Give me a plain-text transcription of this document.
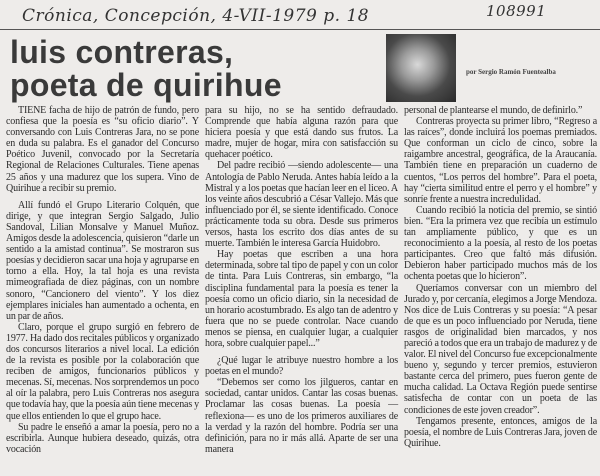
Crónica, Concepción, 4-VII-1979 p. 18	108991
luis contreras,
poeta de quirihue	por Sergio Ramón Fuentealba

TIENE facha de hijo de patrón de fundo, pero confiesa que la poesía es “su oficio diario”. Y conversando con Luis Contreras Jara, no se pone en duda su palabra. Es el ganador del Concurso Poético Juvenil, convocado por la Secretaría Regional de Relaciones Culturales. Tiene apenas 25 años y una madurez que los supera. Vino de Quirihue a recibir su premio.

Allí fundó el Grupo Literario Colquén, que dirige, y que integran Sergio Salgado, Julio Sandoval, Lilian Monsalve y Manuel Muñoz. Amigos desde la adolescencia, quisieron “darle un sentido a la amistad continua”. Se mostraron sus poesías y decidieron sacar una hoja y agruparse en torno a ella. Hoy, la tal hoja es una revista mimeografiada de diez páginas, con un nombre sonoro, “Cancionero del viento”. Y los diez ejemplares iniciales han aumentado a ochenta, en un par de años.

Claro, porque el grupo surgió en febrero de 1977. Ha dado dos recitales públicos y organizado dos concursos literarios a nivel local. La edición de la revista es posible por la colaboración que reciben de amigos, funcionarios públicos y mecenas. Sí, mecenas. Nos sorprendemos un poco al oír la palabra, pero Luis Contreras nos asegura que todavía hay, que la poesía aún tiene mecenas y que ellos entienden lo que el grupo hace.

Su padre le enseñó a amar la poesía, pero no a escribirla. Aunque hubiera deseado, quizás, otra vocación

para su hijo, no se ha sentido defraudado. Comprende que había alguna razón para que hiciera poesía y que está dando sus frutos. La madre, mujer de hogar, mira con satisfacción su quehacer poético.

Del padre recibió —siendo adolescente— una Antología de Pablo Neruda. Antes había leído a la Mistral y a los poetas que hacían leer en el liceo. A los veinte años descubrió a César Vallejo. Más que influenciado por él, se siente identificado. Conoce prácticamente toda su obra. Desde sus primeros versos, hasta los escrito dos días antes de su muerte. También le interesa García Huidobro.

Hay poetas que escriben a una hora determinada, sobre tal tipo de papel y con un color de tinta. Para Luis Contreras, sin embargo, “la disciplina fundamental para la poesía es tener la poesía como un oficio diario, sin la necesidad de un horario acostumbrado. Es algo tan de adentro y fuera que no se puede controlar. Nace cuando menos se piensa, en cualquier lugar, a cualquier hora, sobre cualquier papel...”

¿Qué lugar le atribuye nuestro hombre a los poetas en el mundo?

“Debemos ser como los jilgueros, cantar en sociedad, cantar unidos. Cantar las cosas buenas. Proclamar las cosas buenas. La poesía —reflexiona— es uno de los primeros auxiliares de la verdad y la razón del hombre. Podría ser una definición, para no ir más allá. Aparte de ser una manera

personal de plantearse el mundo, de definirlo.”

Contreras proyecta su primer libro, “Regreso a las raíces”, donde incluirá los poemas premiados. Que conforman un ciclo de cinco, sobre la raigambre ancestral, geográfica, de la Araucanía. También tiene en preparación un cuaderno de cuentos, “Los perros del hombre”. Para el poeta, hay “cierta similitud entre el perro y el hombre” y sonríe frente a nuestra incredulidad.

Cuando recibió la noticia del premio, se sintió bien. “Era la primera vez que recibía un estímulo tan ampliamente público, y que es un reconocimiento a la poesía, al resto de los poetas participantes. Creo que faltó más difusión. Debieron haber participado muchos más de los ochenta poetas que lo hicieron”.

Queríamos conversar con un miembro del Jurado y, por cercanía, elegimos a Jorge Mendoza. Nos dice de Luis Contreras y su poesía: “A pesar de que es un poco influenciado por Neruda, tiene rasgos de originalidad bien marcados, y nos pareció a todos que era un trabajo de madurez y de valor. El nivel del Concurso fue excepcionalmente bueno y, segundo y tercer premios, estuvieron bastante cerca del primero, pues fueron gente de mucha calidad. La Octava Región puede sentirse satisfecha de contar con un poeta de las condiciones de este joven creador”.

Tengamos presente, entonces, amigos de la poesía, el nombre de Luis Contreras Jara, joven de Quirihue.
